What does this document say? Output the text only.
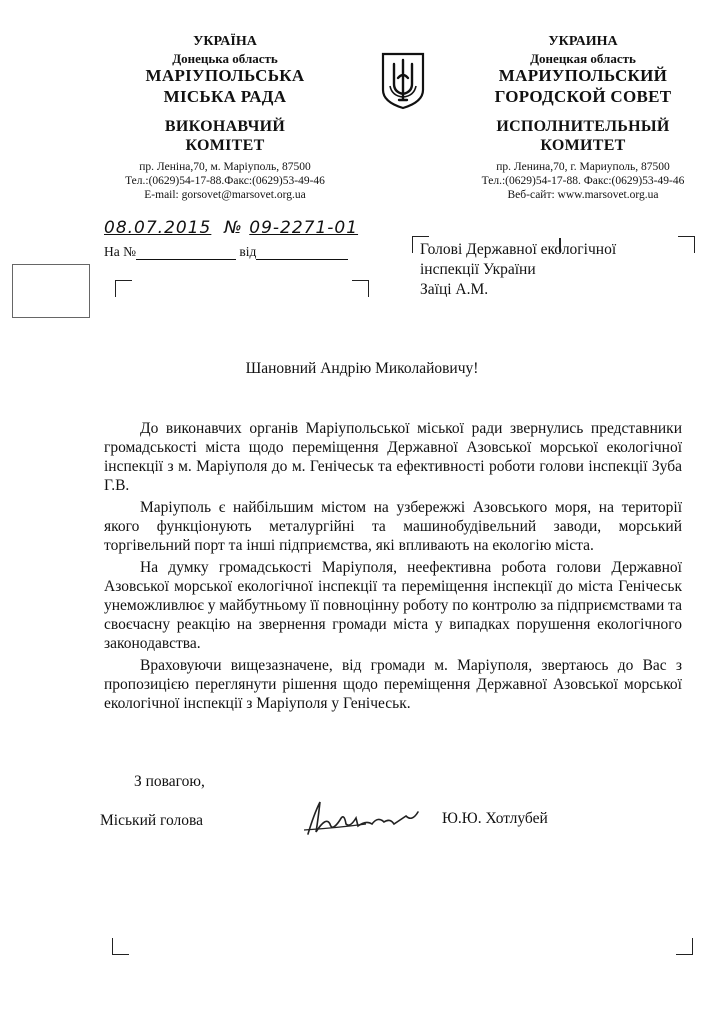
УКРАЇНА
Донецька область
МАРІУПОЛЬСЬКА
МІСЬКА РАДА
ВИКОНАВЧИЙ
КОМІТЕТ
пр. Леніна,70, м. Маріуполь, 87500
Тел.:(0629)54-17-88.Факс:(0629)53-49-46
E-mail: gorsovet@marsovet.org.ua
УКРАИНА
Донецкая область
МАРИУПОЛЬСКИЙ
ГОРОДСКОЙ СОВЕТ
ИСПОЛНИТЕЛЬНЫЙ
КОМИТЕТ
пр. Ленина,70, г. Мариуполь, 87500
Тел.:(0629)54-17-88. Факс:(0629)53-49-46
Веб-сайт: www.marsovet.org.ua
08.07.2015 № 09-2271-01
На №	від	Голові Державної екологічної
інспекції України
Заїці А.М.
Шановний Андрію Миколайовичу!

До виконавчих органів Маріупольської міської ради звернулись представники громадськості міста щодо переміщення Державної Азовської морської екологічної інспекції з м. Маріуполя до м. Генічеськ та ефективності роботи голови інспекції Зуба Г.В.

Маріуполь є найбільшим містом на узбережжі Азовського моря, на території якого функціонують металургійні та машинобудівельний заводи, морський торгівельний порт та інші підприємства, які впливають на екологію міста.

На думку громадськості Маріуполя, неефективна робота голови Державної Азовської морської екологічної інспекції та переміщення інспекції до міста Генічеськ унеможливлює у майбутньому її повноцінну роботу по контролю за підприємствами та своєчасну реакцію на звернення громади міста у випадках порушення екологічного законодавства.

Враховуючи вищезазначене, від громади м. Маріуполя, звертаюсь до Вас з пропозицією переглянути рішення щодо переміщення Державної Азовської морської екологічної інспекції з Маріуполя у Генічеськ.

З повагою,
Міський голова	Ю.Ю. Хотлубей
